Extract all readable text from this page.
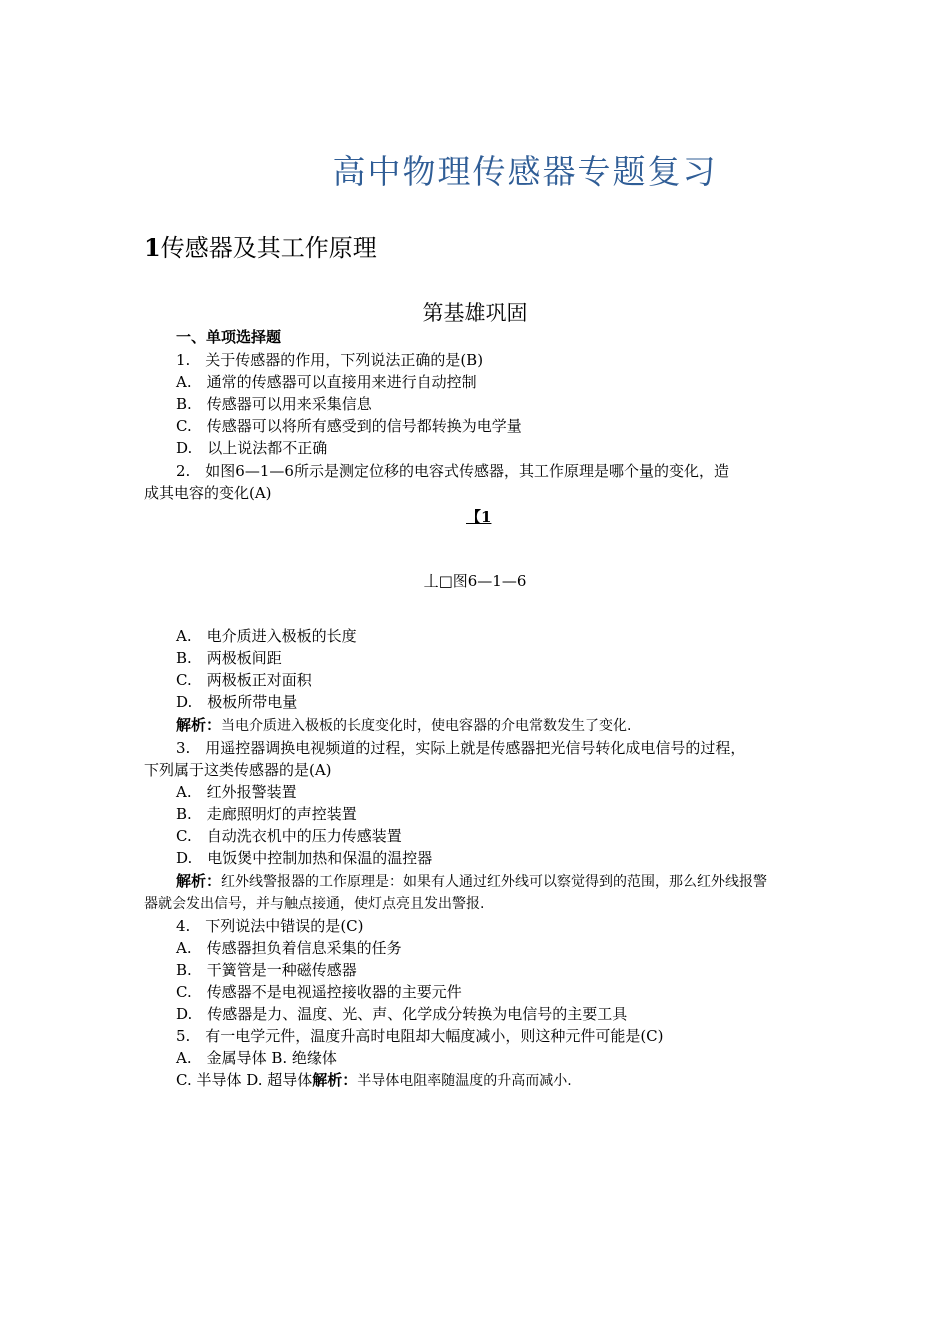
高中物理传感器专题复习
1传感器及其工作原理
第基雄巩固
一、单项选择题
1.　关于传感器的作用，下列说法正确的是(B)
A.　通常的传感器可以直接用来进行自动控制
B.　传感器可以用来采集信息
C.　传感器可以将所有感受到的信号都转换为电学量
D.　以上说法都不正确
2.　如图6—1—6所示是测定位移的电容式传感器，其工作原理是哪个量的变化，造
成其电容的变化(A)
【1
丄□图6—1—6
A.　电介质进入极板的长度
B.　两极板间距
C.　两极板正对面积
D.　极板所带电量
解析：当电介质进入极板的长度变化时，使电容器的介电常数发生了变化.
3.　用遥控器调换电视频道的过程，实际上就是传感器把光信号转化成电信号的过程，
下列属于这类传感器的是(A)
A.　红外报警装置
B.　走廊照明灯的声控装置
C.　自动洗衣机中的压力传感装置
D.　电饭煲中控制加热和保温的温控器
解析：红外线警报器的工作原理是：如果有人通过红外线可以察觉得到的范围，那么红外线报警
器就会发出信号，并与触点接通，使灯点亮且发出警报.
4.　下列说法中错误的是(C)
A.　传感器担负着信息采集的任务
B.　干簧管是一种磁传感器
C.　传感器不是电视遥控接收器的主要元件
D.　传感器是力、温度、光、声、化学成分转换为电信号的主要工具
5.　有一电学元件，温度升高时电阻却大幅度减小，则这种元件可能是(C)
A.　金属导体 B. 绝缘体
C. 半导体 D. 超导体解析：半导体电阻率随温度的升高而减小.
